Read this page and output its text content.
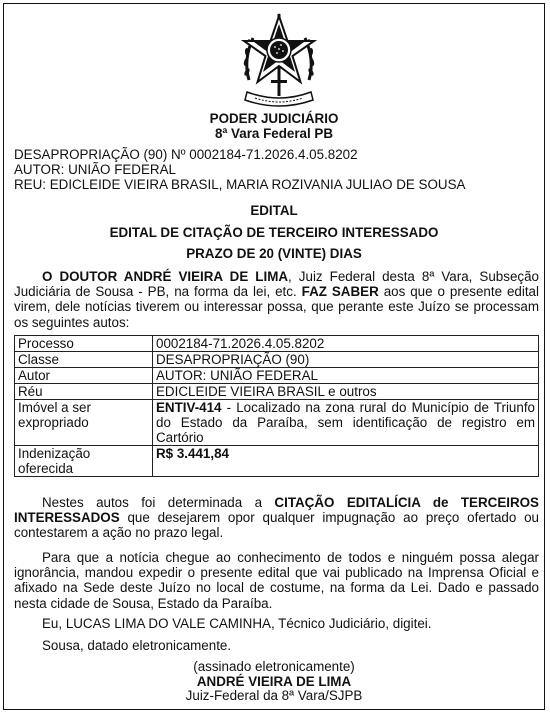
PODER JUDICIÁRIO
8ª Vara Federal PB
DESAPROPRIAÇÃO (90) Nº 0002184-71.2026.4.05.8202
AUTOR: UNIÃO FEDERAL
REU: EDICLEIDE VIEIRA BRASIL, MARIA ROZIVANIA JULIAO DE SOUSA
EDITAL
EDITAL DE CITAÇÃO DE TERCEIRO INTERESSADO
PRAZO DE 20 (VINTE) DIAS
O DOUTOR ANDRÉ VIEIRA DE LIMA, Juiz Federal desta 8ª Vara, Subseção Judiciária de Sousa - PB, na forma da lei, etc. FAZ SABER aos que o presente edital virem, dele notícias tiverem ou interessar possa, que perante este Juízo se processam os seguintes autos:
Processo	0002184-71.2026.4.05.8202
Classe	DESAPROPRIAÇÃO (90)
Autor	AUTOR: UNIÃO FEDERAL
Réu	EDICLEIDE VIEIRA BRASIL e outros
Imóvel a ser expropriado	ENTIV-414 - Localizado na zona rural do Município de Triunfo do Estado da Paraíba, sem identificação de registro em Cartório
Indenização oferecida	R$ 3.441,84
Nestes autos foi determinada a CITAÇÃO EDITALÍCIA de TERCEIROS INTERESSADOS que desejarem opor qualquer impugnação ao preço ofertado ou contestarem a ação no prazo legal.
Para que a notícia chegue ao conhecimento de todos e ninguém possa alegar ignorância, mandou expedir o presente edital que vai publicado na Imprensa Oficial e afixado na Sede deste Juízo no local de costume, na forma da Lei. Dado e passado nesta cidade de Sousa, Estado da Paraíba.
Eu, LUCAS LIMA DO VALE CAMINHA, Técnico Judiciário, digitei.
Sousa, datado eletronicamente.
(assinado eletronicamente)
ANDRÉ VIEIRA DE LIMA
Juiz-Federal da 8ª Vara/SJPB
